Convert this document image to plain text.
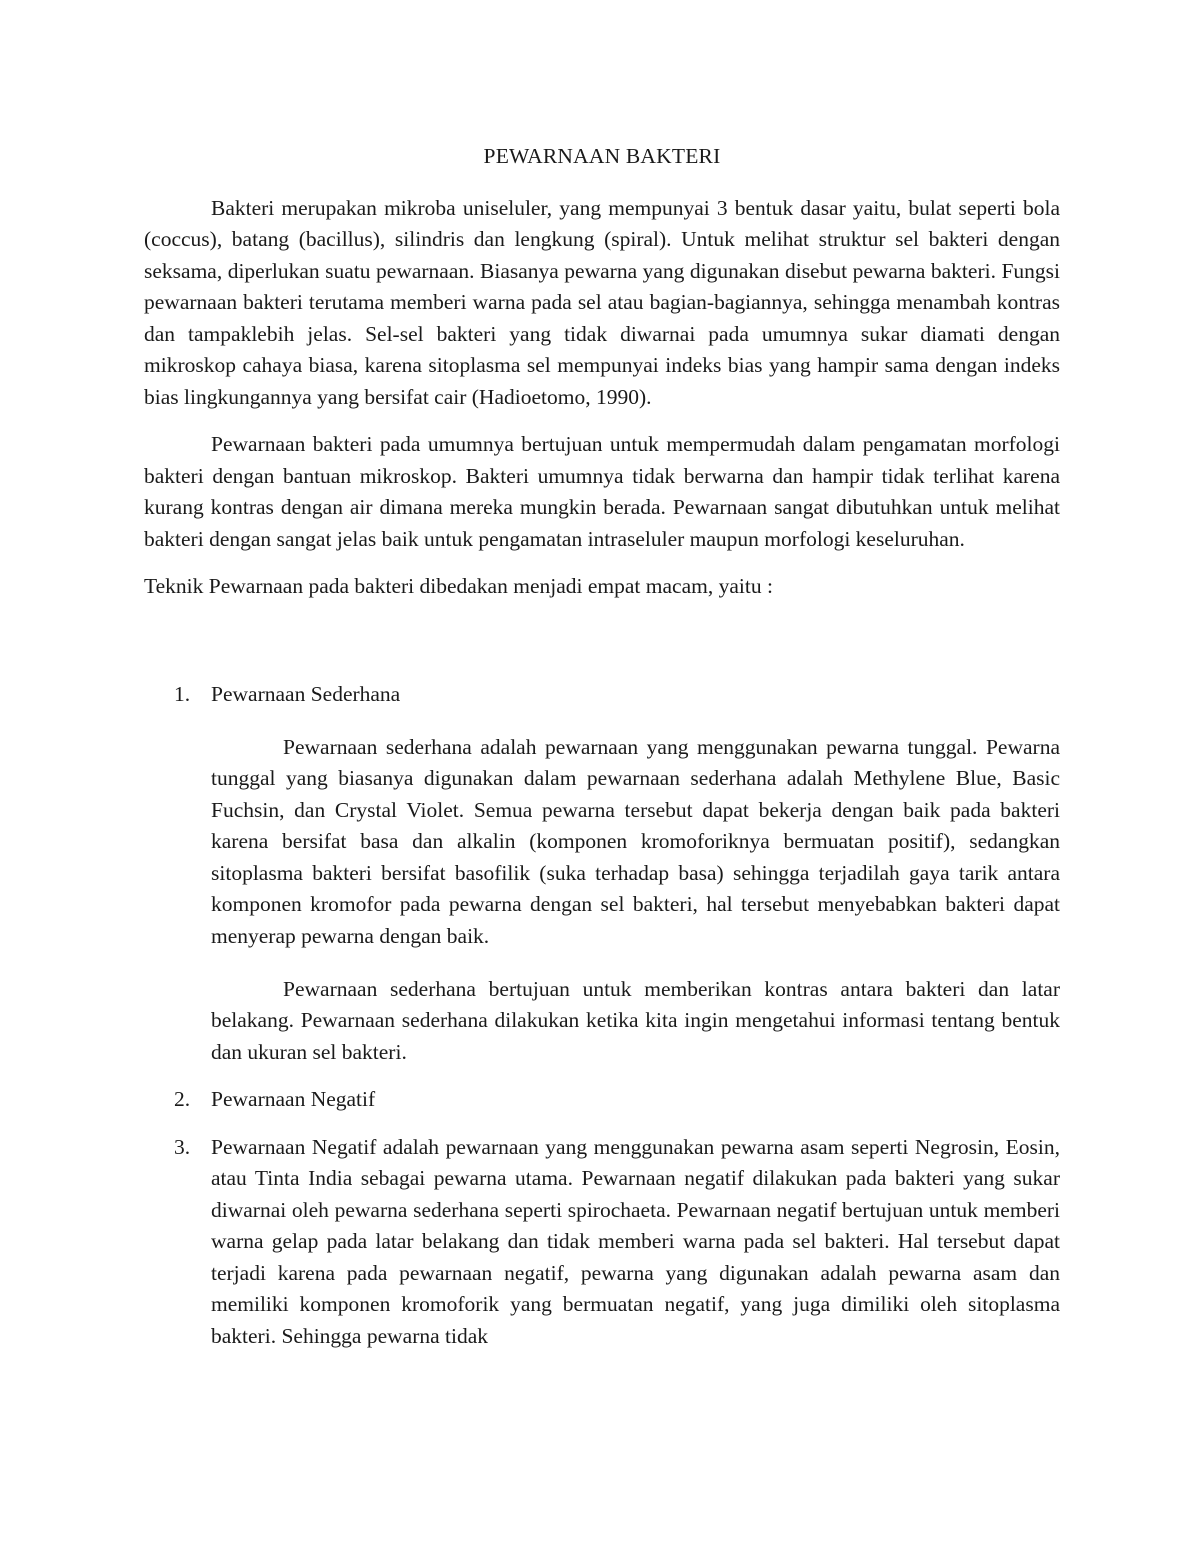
PEWARNAAN BAKTERI

Bakteri merupakan mikroba uniseluler, yang mempunyai 3 bentuk dasar yaitu, bulat seperti bola (coccus), batang (bacillus), silindris dan lengkung (spiral). Untuk melihat struktur sel bakteri dengan seksama, diperlukan suatu pewarnaan. Biasanya pewarna yang digunakan disebut pewarna bakteri. Fungsi pewarnaan bakteri terutama memberi warna pada sel atau bagian-bagiannya, sehingga menambah kontras dan tampaklebih jelas. Sel-sel bakteri yang tidak diwarnai pada umumnya sukar diamati dengan mikroskop cahaya biasa, karena sitoplasma sel mempunyai indeks bias yang hampir sama dengan indeks bias lingkungannya yang bersifat cair (Hadioetomo, 1990).

Pewarnaan bakteri pada umumnya bertujuan untuk mempermudah dalam pengamatan morfologi bakteri dengan bantuan mikroskop. Bakteri umumnya tidak berwarna dan hampir tidak terlihat karena kurang kontras dengan air dimana mereka mungkin berada. Pewarnaan sangat dibutuhkan untuk melihat bakteri dengan sangat jelas baik untuk pengamatan intraseluler maupun morfologi keseluruhan.

Teknik Pewarnaan pada bakteri dibedakan menjadi empat macam, yaitu :

1. Pewarnaan Sederhana

Pewarnaan sederhana adalah pewarnaan yang menggunakan pewarna tunggal. Pewarna tunggal yang biasanya digunakan dalam pewarnaan sederhana adalah Methylene Blue, Basic Fuchsin, dan Crystal Violet. Semua pewarna tersebut dapat bekerja dengan baik pada bakteri karena bersifat basa dan alkalin (komponen kromoforiknya bermuatan positif), sedangkan sitoplasma bakteri bersifat basofilik (suka terhadap basa) sehingga terjadilah gaya tarik antara komponen kromofor pada pewarna dengan sel bakteri, hal tersebut menyebabkan bakteri dapat menyerap pewarna dengan baik.

Pewarnaan sederhana bertujuan untuk memberikan kontras antara bakteri dan latar belakang. Pewarnaan sederhana dilakukan ketika kita ingin mengetahui informasi tentang bentuk dan ukuran sel bakteri.

2. Pewarnaan Negatif
3. Pewarnaan Negatif adalah pewarnaan yang menggunakan pewarna asam seperti Negrosin, Eosin, atau Tinta India sebagai pewarna utama. Pewarnaan negatif dilakukan pada bakteri yang sukar diwarnai oleh pewarna sederhana seperti spirochaeta. Pewarnaan negatif bertujuan untuk memberi warna gelap pada latar belakang dan tidak memberi warna pada sel bakteri. Hal tersebut dapat terjadi karena pada pewarnaan negatif, pewarna yang digunakan adalah pewarna asam dan memiliki komponen kromoforik yang bermuatan negatif, yang juga dimiliki oleh sitoplasma bakteri. Sehingga pewarna tidak
